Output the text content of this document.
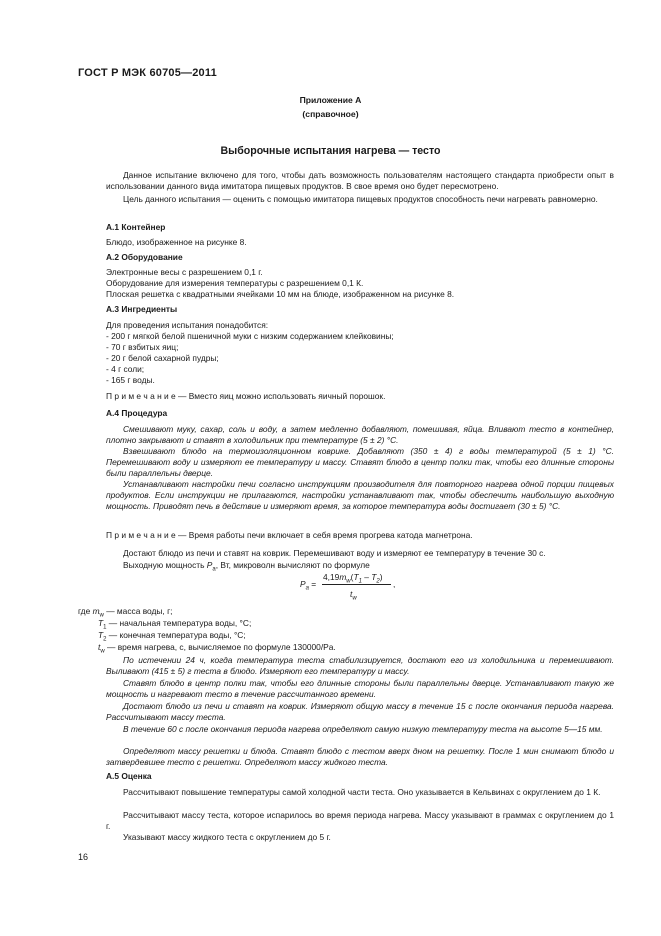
ГОСТ Р МЭК 60705—2011
Приложение А
(справочное)
Выборочные испытания нагрева — тесто
Данное испытание включено для того, чтобы дать возможность пользователям настоящего стандарта приобрести опыт в использовании данного вида имитатора пищевых продуктов. В свое время оно будет пересмотрено.
Цель данного испытания — оценить с помощью имитатора пищевых продуктов способность печи нагревать равномерно.
А.1 Контейнер
Блюдо, изображенное на рисунке 8.
А.2 Оборудование
Электронные весы с разрешением 0,1 г.
Оборудование для измерения температуры с разрешением 0,1 К.
Плоская решетка с квадратными ячейками 10 мм на блюде, изображенном на рисунке 8.
А.3 Ингредиенты
Для проведения испытания понадобится:
- 200 г мягкой белой пшеничной муки с низким содержанием клейковины;
- 70 г взбитых яиц;
- 20 г белой сахарной пудры;
- 4 г соли;
- 165 г воды.
П р и м е ч а н и е — Вместо яиц можно использовать яичный порошок.
А.4 Процедура
Смешивают муку, сахар, соль и воду, а затем медленно добавляют, помешивая, яйца. Вливают тесто в контейнер, плотно закрывают и ставят в холодильник при температуре (5 ± 2) °С.
Взвешивают блюдо на термоизоляционном коврике. Добавляют (350 ± 4) г воды температурой (5 ± 1) °С. Перемешивают воду и измеряют ее температуру и массу. Ставят блюдо в центр полки так, чтобы его длинные стороны были параллельны дверце.
Устанавливают настройки печи согласно инструкциям производителя для повторного нагрева одной порции пищевых продуктов. Если инструкции не прилагаются, настройки устанавливают так, чтобы обеспечить наибольшую выходную мощность. Приводят печь в действие и измеряют время, за которое температура воды достигает (30 ± 5) °С.
П р и м е ч а н и е — Время работы печи включает в себя время прогрева катода магнетрона.
Достают блюдо из печи и ставят на коврик. Перемешивают воду и измеряют ее температуру в течение 30 с.
Выходную мощность $P_а$, Вт, микроволн вычисляют по формуле
$P_a$ =
$4,19m_w(T_1 - T_2)$
$t_w$
,
где $m_w$ — масса воды, г;
$T_1$ — начальная температура воды, °С;
$T_2$ — конечная температура воды, °С;
$t_w$ — время нагрева, с, вычисляемое по формуле 130000/Pa.
По истечении 24 ч, когда температура теста стабилизируется, достают его из холодильника и перемешивают. Выливают (415 ± 5) г теста в блюдо. Измеряют его температуру и массу.
Ставят блюдо в центр полки так, чтобы его длинные стороны были параллельны дверце. Устанавливают такую же мощность и нагревают тесто в течение рассчитанного времени.
Достают блюдо из печи и ставят на коврик. Измеряют общую массу в течение 15 с после окончания периода нагрева. Рассчитывают массу теста.
В течение 60 с после окончания периода нагрева определяют самую низкую температуру теста на высоте 5—15 мм.
Определяют массу решетки и блюда. Ставят блюдо с тестом вверх дном на решетку. После 1 мин снимают блюдо и затвердевшее тесто с решетки. Определяют массу жидкого теста.
А.5 Оценка
Рассчитывают повышение температуры самой холодной части теста. Оно указывается в Кельвинах с округлением до 1 К.
Рассчитывают массу теста, которое испарилось во время периода нагрева. Массу указывают в граммах с округлением до 1 г.
Указывают массу жидкого теста с округлением до 5 г.
16
